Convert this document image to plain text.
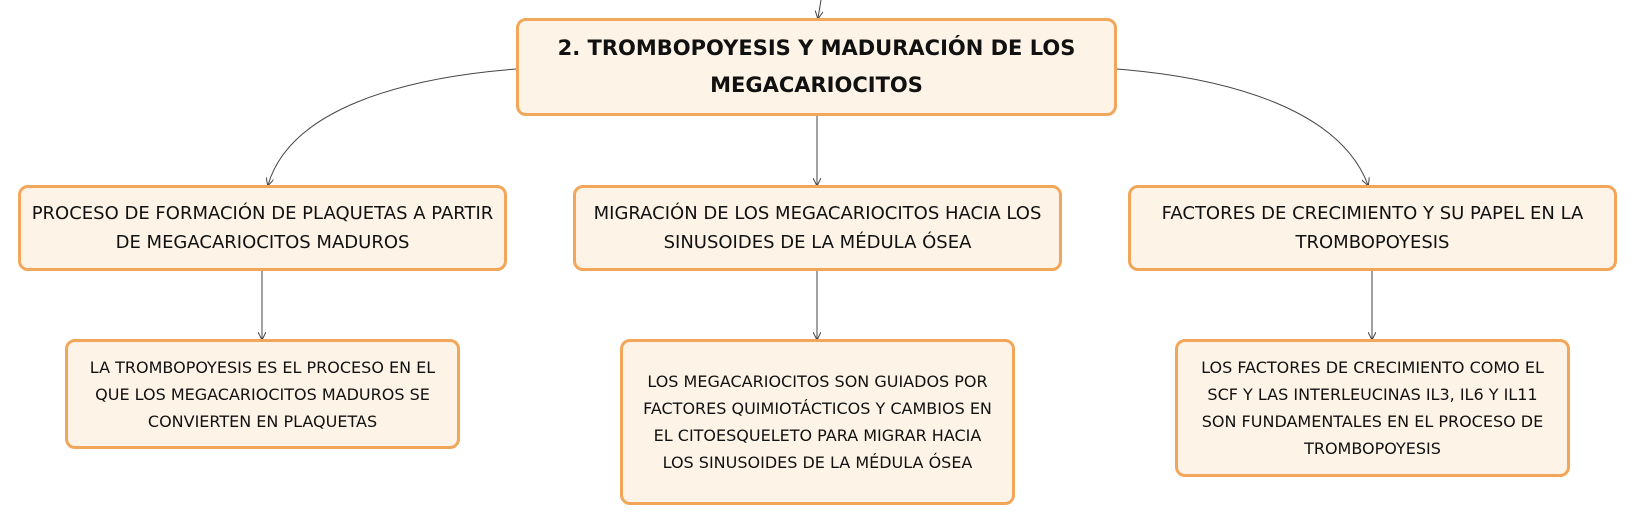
2. TROMBOPOYESIS Y MADURACIÓN DE LOS MEGACARIOCITOS
PROCESO DE FORMACIÓN DE PLAQUETAS A PARTIR DE MEGACARIOCITOS MADUROS
MIGRACIÓN DE LOS MEGACARIOCITOS HACIA LOS SINUSOIDES DE LA MÉDULA ÓSEA
FACTORES DE CRECIMIENTO Y SU PAPEL EN LA TROMBOPOYESIS
LA TROMBOPOYESIS ES EL PROCESO EN EL QUE LOS MEGACARIOCITOS MADUROS SE CONVIERTEN EN PLAQUETAS
LOS MEGACARIOCITOS SON GUIADOS POR FACTORES QUIMIOTÁCTICOS Y CAMBIOS EN EL CITOESQUELETO PARA MIGRAR HACIA LOS SINUSOIDES DE LA MÉDULA ÓSEA
LOS FACTORES DE CRECIMIENTO COMO EL SCF Y LAS INTERLEUCINAS IL3, IL6 Y IL11 SON FUNDAMENTALES EN EL PROCESO DE TROMBOPOYESIS
